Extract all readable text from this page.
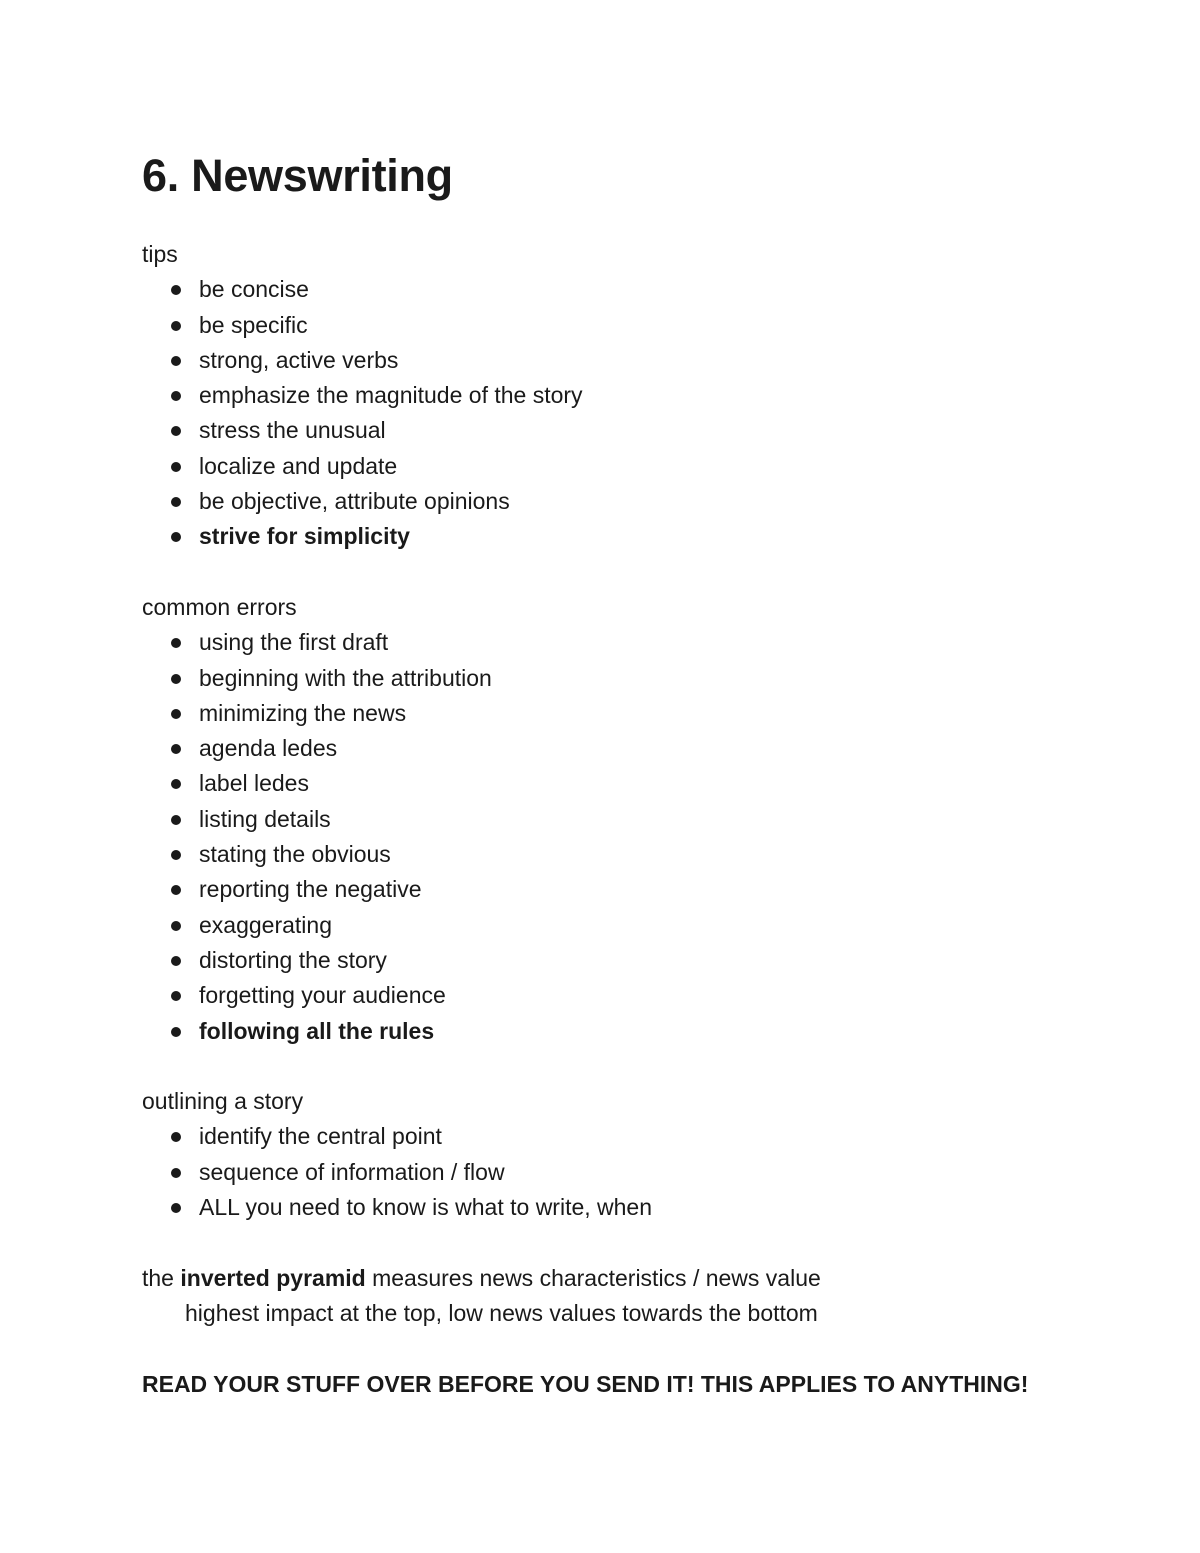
6. Newswriting

tips

be concise
be specific
strong, active verbs
emphasize the magnitude of the story
stress the unusual
localize and update
be objective, attribute opinions
strive for simplicity

common errors

using the first draft
beginning with the attribution
minimizing the news
agenda ledes
label ledes
listing details
stating the obvious
reporting the negative
exaggerating
distorting the story
forgetting your audience
following all the rules

outlining a story

identify the central point
sequence of information / flow
ALL you need to know is what to write, when

the inverted pyramid measures news characteristics / news value

highest impact at the top, low news values towards the bottom

READ YOUR STUFF OVER BEFORE YOU SEND IT! THIS APPLIES TO ANYTHING!
